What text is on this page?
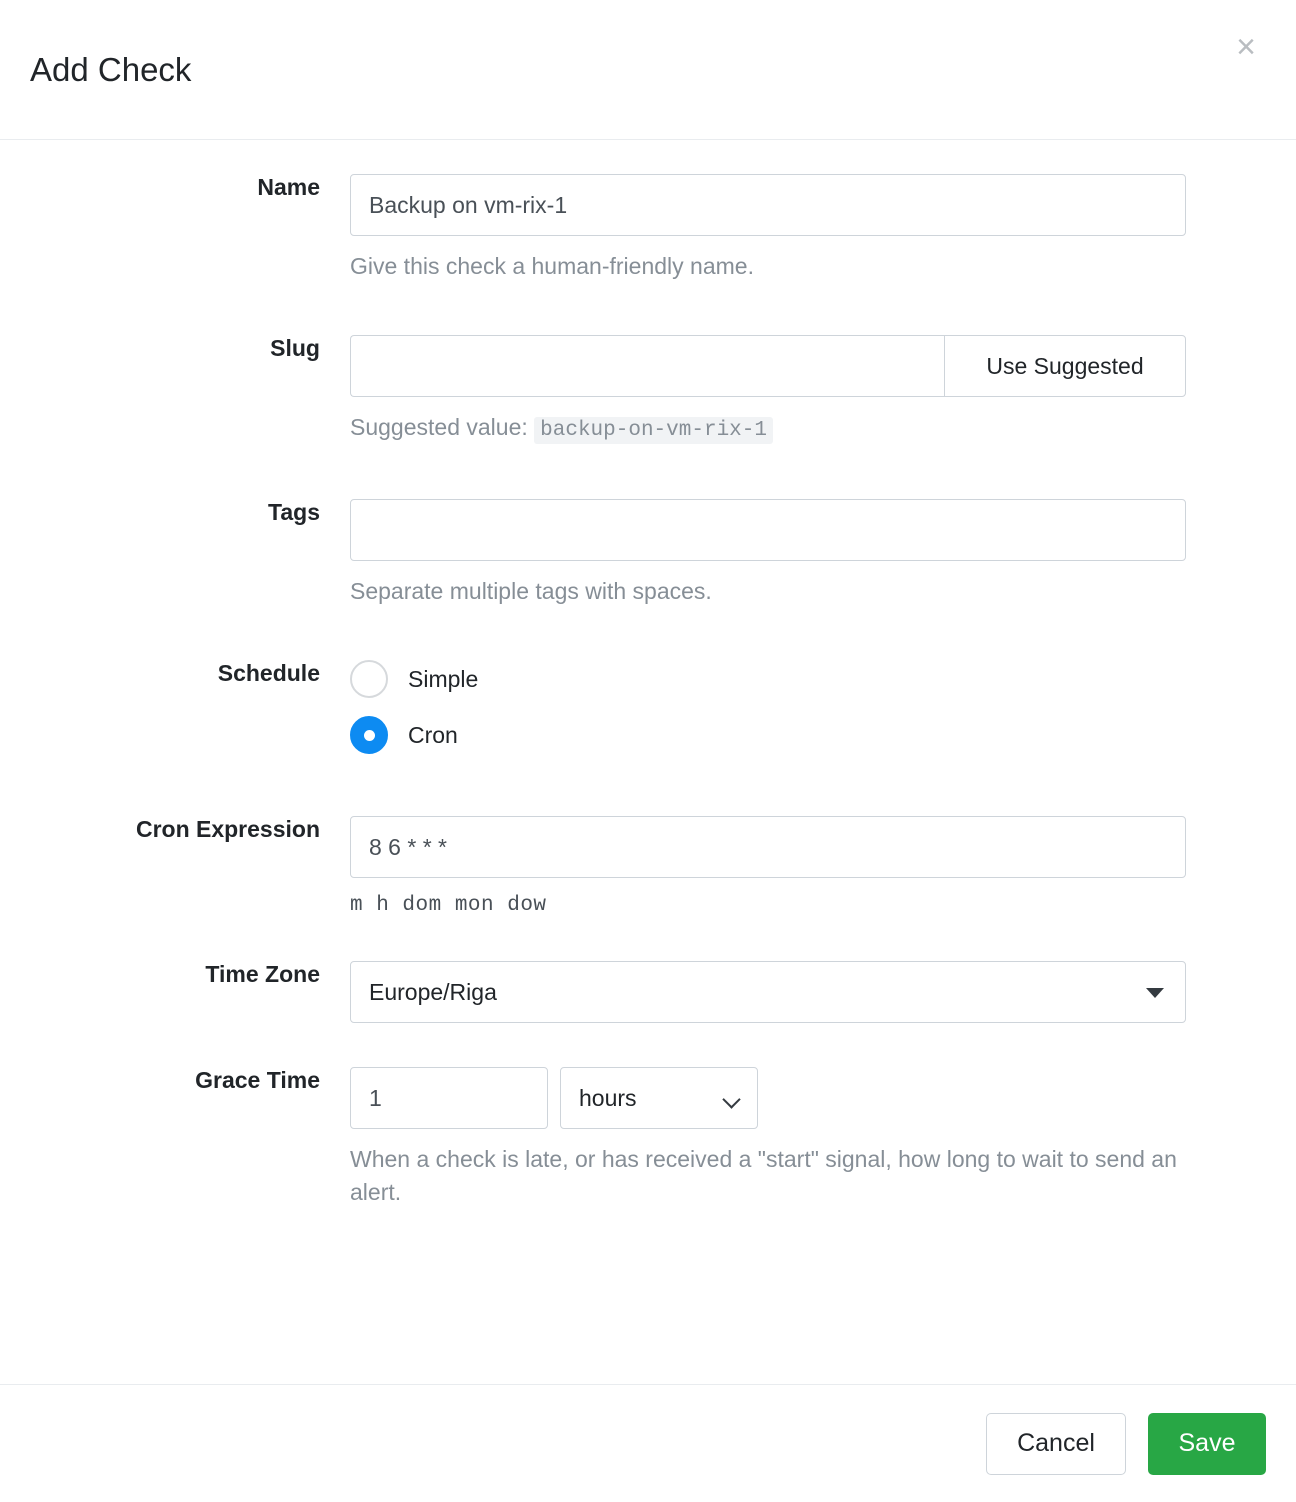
Add Check
×
Name
Backup on vm-rix-1
Give this check a human-friendly name.
Slug
Use Suggested
Suggested value: backup-on-vm-rix-1
Tags
Separate multiple tags with spaces.
Schedule	Simple
Cron
Cron Expression
8 6 * * *
m h dom mon dow
Time Zone
Europe/Riga
Grace Time
1
hours
When a check is late, or has received a "start" signal, how long to wait to send an alert.
Cancel	Save
